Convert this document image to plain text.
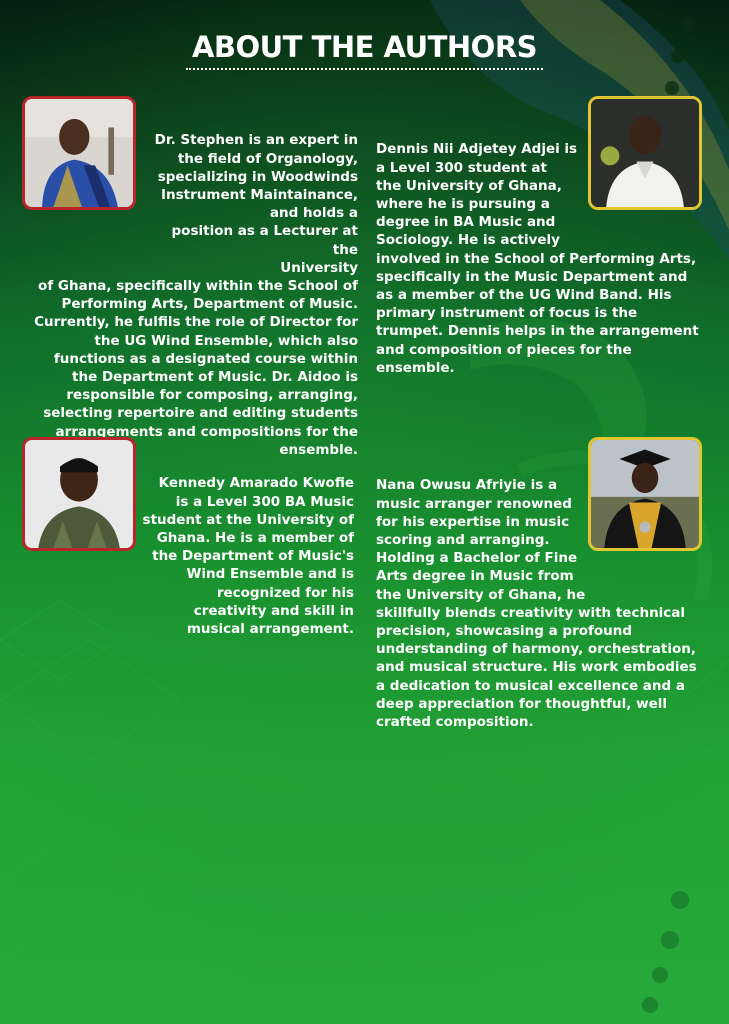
ABOUT THE AUTHORS

Dr. Stephen is an expert in
the field of Organology,
specializing in Woodwinds
Instrument Maintainance,
and holds a
position as a Lecturer at the
University
of Ghana, specifically within the School of
Performing Arts, Department of Music.
Currently, he fulfils the role of Director for
the UG Wind Ensemble, which also
functions as a designated course within
the Department of Music. Dr. Aidoo is
responsible for composing, arranging,
selecting repertoire and editing students
arrangements and compositions for the
ensemble.

Dennis Nii Adjetey Adjei is
a Level 300 student at
the University of Ghana,
where he is pursuing a
degree in BA Music and
Sociology. He is actively
involved in the School of Performing Arts,
specifically in the Music Department and
as a member of the UG Wind Band. His
primary instrument of focus is the
trumpet. Dennis helps in the arrangement
and composition of pieces for the
ensemble.

Kennedy Amarado Kwofie
is a Level 300 BA Music
student at the University of
Ghana. He is a member of
the Department of Music's
Wind Ensemble and is
recognized for his
creativity and skill in
musical arrangement.

Nana Owusu Afriyie is a
music arranger renowned
for his expertise in music
scoring and arranging.
Holding a Bachelor of Fine
Arts degree in Music from
the University of Ghana, he
skillfully blends creativity with technical
precision, showcasing a profound
understanding of harmony, orchestration,
and musical structure. His work embodies
a dedication to musical excellence and a
deep appreciation for thoughtful, well
crafted composition.
